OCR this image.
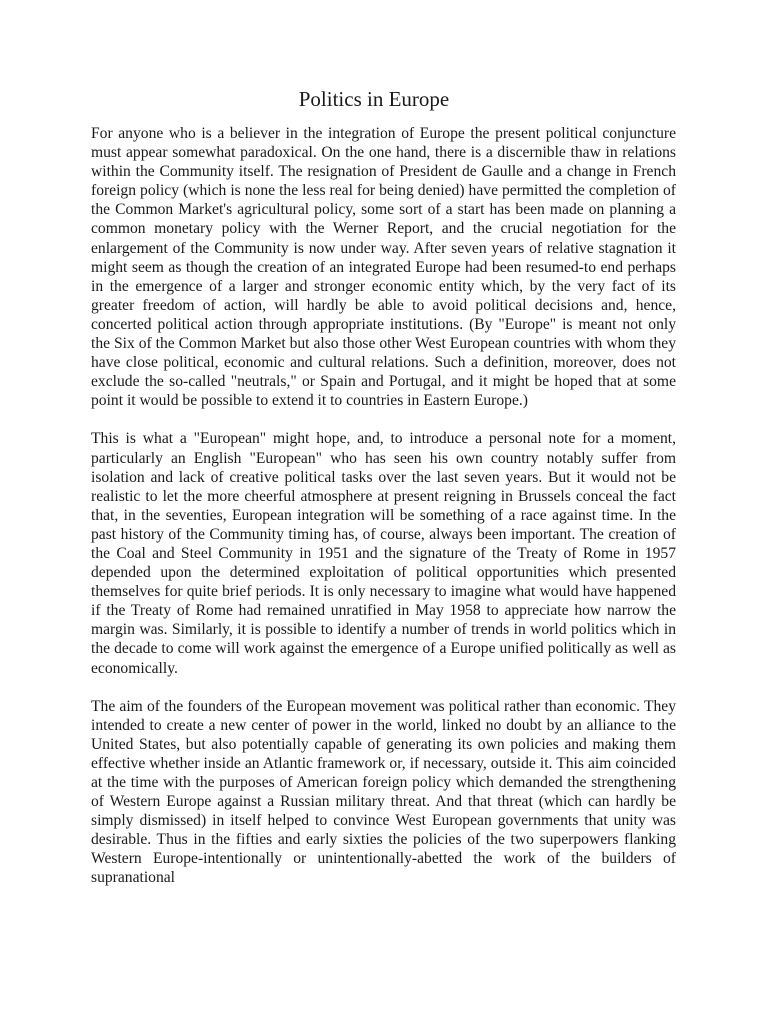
Politics in Europe

For anyone who is a believer in the integration of Europe the present political conjuncture must appear somewhat paradoxical. On the one hand, there is a discernible thaw in relations within the Community itself. The resignation of President de Gaulle and a change in French foreign policy (which is none the less real for being denied) have permitted the completion of the Common Market's agricultural policy, some sort of a start has been made on planning a common monetary policy with the Werner Report, and the crucial negotiation for the enlargement of the Community is now under way. After seven years of relative stagnation it might seem as though the creation of an integrated Europe had been resumed-to end perhaps in the emergence of a larger and stronger economic entity which, by the very fact of its greater freedom of action, will hardly be able to avoid political decisions and, hence, concerted political action through appropriate institutions. (By "Europe" is meant not only the Six of the Common Market but also those other West European countries with whom they have close political, economic and cultural relations. Such a definition, moreover, does not exclude the so-called "neutrals," or Spain and Portugal, and it might be hoped that at some point it would be possible to extend it to countries in Eastern Europe.)

This is what a "European" might hope, and, to introduce a personal note for a moment, particularly an English "European" who has seen his own country notably suffer from isolation and lack of creative political tasks over the last seven years. But it would not be realistic to let the more cheerful atmosphere at present reigning in Brussels conceal the fact that, in the seventies, European integration will be something of a race against time. In the past history of the Community timing has, of course, always been important. The creation of the Coal and Steel Community in 1951 and the signature of the Treaty of Rome in 1957 depended upon the determined exploitation of political opportunities which presented themselves for quite brief periods. It is only necessary to imagine what would have happened if the Treaty of Rome had remained unratified in May 1958 to appreciate how narrow the margin was. Similarly, it is possible to identify a number of trends in world politics which in the decade to come will work against the emergence of a Europe unified politically as well as economically.

The aim of the founders of the European movement was political rather than economic. They intended to create a new center of power in the world, linked no doubt by an alliance to the United States, but also potentially capable of generating its own policies and making them effective whether inside an Atlantic framework or, if necessary, outside it. This aim coincided at the time with the purposes of American foreign policy which demanded the strengthening of Western Europe against a Russian military threat. And that threat (which can hardly be simply dismissed) in itself helped to convince West European governments that unity was desirable. Thus in the fifties and early sixties the policies of the two superpowers flanking Western Europe-intentionally or unintentionally-abetted the work of the builders of supranational
